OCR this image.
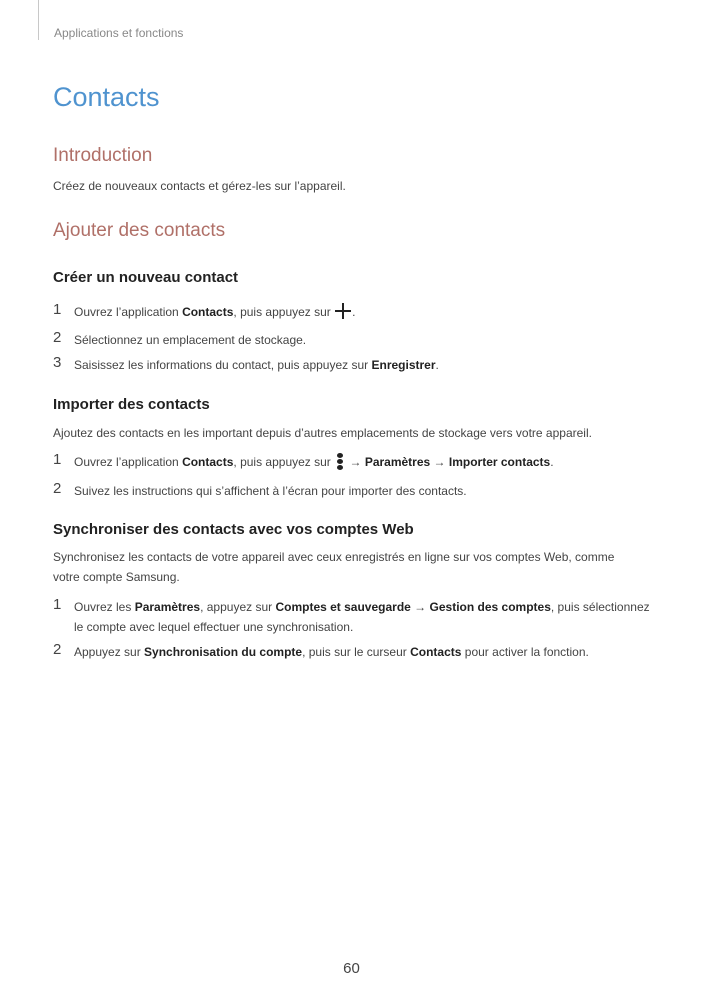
Applications et fonctions
Contacts
Introduction

Créez de nouveaux contacts et gérez-les sur l’appareil.

Ajouter des contacts
Créer un nouveau contact
1 Ouvrez l’application Contacts, puis appuyez sur .
2 Sélectionnez un emplacement de stockage.
3 Saisissez les informations du contact, puis appuyez sur Enregistrer.
Importer des contacts

Ajoutez des contacts en les important depuis d’autres emplacements de stockage vers votre appareil.

1 Ouvrez l’application Contacts, puis appuyez sur
→ Paramètres → Importer contacts.
2 Suivez les instructions qui s’affichent à l’écran pour importer des contacts.
Synchroniser des contacts avec vos comptes Web

Synchronisez les contacts de votre appareil avec ceux enregistrés en ligne sur vos comptes Web, comme votre compte Samsung.

1 Ouvrez les Paramètres, appuyez sur Comptes et sauvegarde → Gestion des comptes, puis sélectionnez le compte avec lequel effectuer une synchronisation.
2 Appuyez sur Synchronisation du compte, puis sur le curseur Contacts pour activer la fonction.
60
